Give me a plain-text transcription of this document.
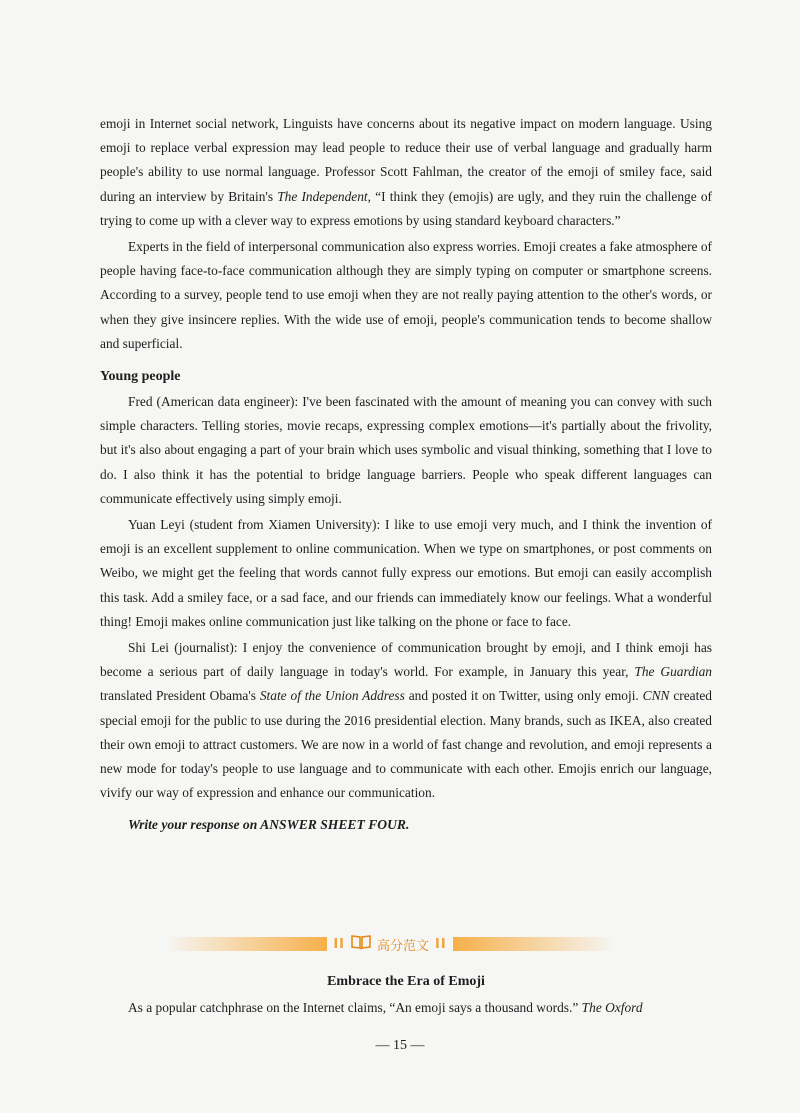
emoji in Internet social network, Linguists have concerns about its negative impact on modern language. Using emoji to replace verbal expression may lead people to reduce their use of verbal language and gradually harm people's ability to use normal language. Professor Scott Fahlman, the creator of the emoji of smiley face, said during an interview by Britain's The Independent, “I think they (emojis) are ugly, and they ruin the challenge of trying to come up with a clever way to express emotions by using standard keyboard characters.”

Experts in the field of interpersonal communication also express worries. Emoji creates a fake atmosphere of people having face-to-face communication although they are simply typing on computer or smartphone screens. According to a survey, people tend to use emoji when they are not really paying attention to the other's words, or when they give insincere replies. With the wide use of emoji, people's communication tends to become shallow and superficial.

Young people

Fred (American data engineer): I've been fascinated with the amount of meaning you can convey with such simple characters. Telling stories, movie recaps, expressing complex emotions—it's partially about the frivolity, but it's also about engaging a part of your brain which uses symbolic and visual thinking, something that I love to do. I also think it has the potential to bridge language barriers. People who speak different languages can communicate effectively using simply emoji.

Yuan Leyi (student from Xiamen University): I like to use emoji very much, and I think the invention of emoji is an excellent supplement to online communication. When we type on smartphones, or post comments on Weibo, we might get the feeling that words cannot fully express our emotions. But emoji can easily accomplish this task. Add a smiley face, or a sad face, and our friends can immediately know our feelings. What a wonderful thing! Emoji makes online communication just like talking on the phone or face to face.

Shi Lei (journalist): I enjoy the convenience of communication brought by emoji, and I think emoji has become a serious part of daily language in today's world. For example, in January this year, The Guardian translated President Obama's State of the Union Address and posted it on Twitter, using only emoji. CNN created special emoji for the public to use during the 2016 presidential election. Many brands, such as IKEA, also created their own emoji to attract customers. We are now in a world of fast change and revolution, and emoji represents a new mode for today's people to use language and to communicate with each other. Emojis enrich our language, vivify our way of expression and enhance our communication.

Write your response on ANSWER SHEET FOUR.

II 高分范文 II
Embrace the Era of Emoji
As a popular catchphrase on the Internet claims, “An emoji says a thousand words.” The Oxford
— 15 —
